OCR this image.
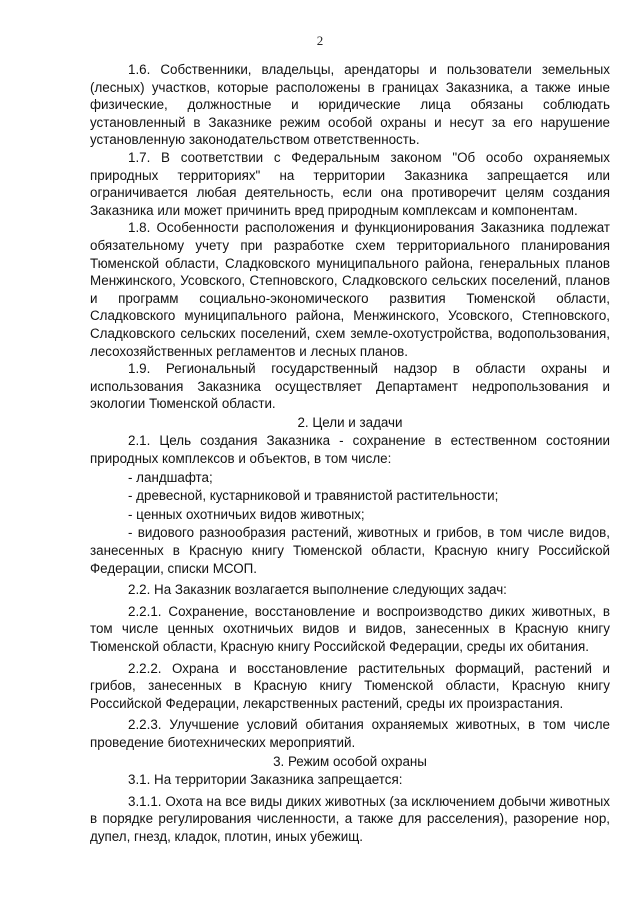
2

1.6. Собственники, владельцы, арендаторы и пользователи земельных (лесных) участков, которые расположены в границах Заказника, а также иные физические, должностные и юридические лица обязаны соблюдать установленный в Заказнике режим особой охраны и несут за его нарушение установленную законодательством ответственность.

1.7. В соответствии с Федеральным законом "Об особо охраняемых природных территориях" на территории Заказника запрещается или ограничивается любая деятельность, если она противоречит целям создания Заказника или может причинить вред природным комплексам и компонентам.

1.8. Особенности расположения и функционирования Заказника подлежат обязательному учету при разработке схем территориального планирования Тюменской области, Сладковского муниципального района, генеральных планов Менжинского, Усовского, Степновского, Сладковского сельских поселений, планов и программ социально-экономического развития Тюменской области, Сладковского муниципального района, Менжинского, Усовского, Степновского, Сладковского сельских поселений, схем земле-охотустройства, водопользования, лесохозяйственных регламентов и лесных планов.

1.9. Региональный государственный надзор в области охраны и использования Заказника осуществляет Департамент недропользования и экологии Тюменской области.

2. Цели и задачи

2.1. Цель создания Заказника - сохранение в естественном состоянии природных комплексов и объектов, в том числе:

- ландшафта;

- древесной, кустарниковой и травянистой растительности;

- ценных охотничьих видов животных;

- видового разнообразия растений, животных и грибов, в том числе видов, занесенных в Красную книгу Тюменской области, Красную книгу Российской Федерации, списки МСОП.

2.2. На Заказник возлагается выполнение следующих задач:

2.2.1. Сохранение, восстановление и воспроизводство диких животных, в том числе ценных охотничьих видов и видов, занесенных в Красную книгу Тюменской области, Красную книгу Российской Федерации, среды их обитания.

2.2.2. Охрана и восстановление растительных формаций, растений и грибов, занесенных в Красную книгу Тюменской области, Красную книгу Российской Федерации, лекарственных растений, среды их произрастания.

2.2.3. Улучшение условий обитания охраняемых животных, в том числе проведение биотехнических мероприятий.

3. Режим особой охраны

3.1. На территории Заказника запрещается:

3.1.1. Охота на все виды диких животных (за исключением добычи животных в порядке регулирования численности, а также для расселения), разорение нор, дупел, гнезд, кладок, плотин, иных убежищ.
